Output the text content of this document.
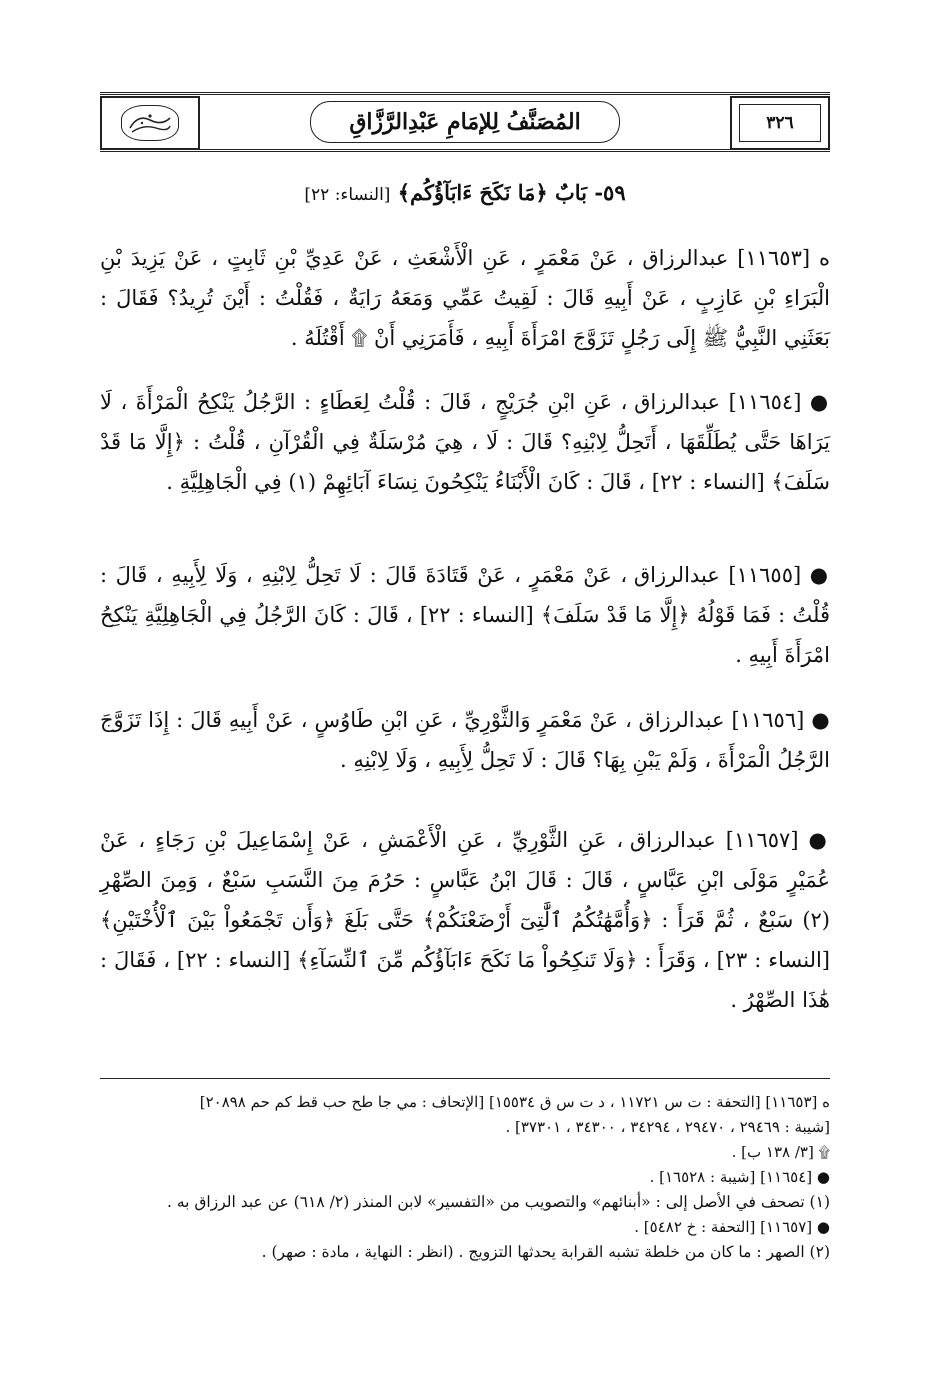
٣٢٦
المُصَنَّفُ لِلإمَامِ عَبْدِالرَّزَّاقِ
٥٩- بَابٌ ﴿مَا نَكَحَ ءَابَآؤُكُم﴾ [النساء: ٢٢]

ه [١١٦٥٣] عبدالرزاق ، عَنْ مَعْمَرٍ ، عَنِ الْأَشْعَثِ ، عَنْ عَدِيِّ بْنِ ثَابِتٍ ، عَنْ يَزِيدَ بْنِ الْبَرَاءِ بْنِ عَازِبٍ ، عَنْ أَبِيهِ قَالَ : لَقِيتُ عَمِّي وَمَعَهُ رَايَةٌ ، فَقُلْتُ : أَيْنَ تُرِيدُ؟ فَقَالَ : بَعَثَنِي النَّبِيُّ ﷺ إِلَى رَجُلٍ تَزَوَّجَ امْرَأَةَ أَبِيهِ ، فَأَمَرَنِي أَنْ ۩ أَقْتُلَهُ .

● [١١٦٥٤] عبدالرزاق ، عَنِ ابْنِ جُرَيْجٍ ، قَالَ : قُلْتُ لِعَطَاءٍ : الرَّجُلُ يَنْكِحُ الْمَرْأَةَ ، لَا يَرَاهَا حَتَّى يُطَلِّقَهَا ، أَتَحِلُّ لِابْنِهِ؟ قَالَ : لَا ، هِيَ مُرْسَلَةٌ فِي الْقُرْآنِ ، قُلْتُ : ﴿إِلَّا مَا قَدْ سَلَفَ﴾ [النساء : ٢٢] ، قَالَ : كَانَ الْأَبْنَاءُ يَنْكِحُونَ نِسَاءَ آبَائِهِمْ (١) فِي الْجَاهِلِيَّةِ .

● [١١٦٥٥] عبدالرزاق ، عَنْ مَعْمَرٍ ، عَنْ قَتَادَةَ قَالَ : لَا تَحِلُّ لِابْنِهِ ، وَلَا لِأَبِيهِ ، قَالَ : قُلْتُ : فَمَا قَوْلُهُ ﴿إِلَّا مَا قَدْ سَلَفَ﴾ [النساء : ٢٢] ، قَالَ : كَانَ الرَّجُلُ فِي الْجَاهِلِيَّةِ يَنْكِحُ امْرَأَةَ أَبِيهِ .

● [١١٦٥٦] عبدالرزاق ، عَنْ مَعْمَرٍ وَالثَّوْرِيِّ ، عَنِ ابْنِ طَاوُسٍ ، عَنْ أَبِيهِ قَالَ : إِذَا تَزَوَّجَ الرَّجُلُ الْمَرْأَةَ ، وَلَمْ يَبْنِ بِهَا؟ قَالَ : لَا تَحِلُّ لِأَبِيهِ ، وَلَا لِابْنِهِ .

● [١١٦٥٧] عبدالرزاق ، عَنِ الثَّوْرِيِّ ، عَنِ الْأَعْمَشِ ، عَنْ إِسْمَاعِيلَ بْنِ رَجَاءٍ ، عَنْ عُمَيْرٍ مَوْلَى ابْنِ عَبَّاسٍ ، قَالَ : قَالَ ابْنُ عَبَّاسٍ : حَرُمَ مِنَ النَّسَبِ سَبْعٌ ، وَمِنَ الصِّهْرِ (٢) سَبْعٌ ، ثُمَّ قَرَأَ : ﴿وَأُمَّهَٰتُكُمُ ٱلَّٰتِىٓ أَرْضَعْنَكُمْ﴾ حَتَّى بَلَغَ ﴿وَأَن تَجْمَعُواْ بَيْنَ ٱلْأُخْتَيْنِ﴾ [النساء : ٢٣] ، وَقَرَأَ : ﴿وَلَا تَنكِحُواْ مَا نَكَحَ ءَابَآؤُكُم مِّنَ ٱلنِّسَآءِ﴾ [النساء : ٢٢] ، فَقَالَ : هَٰذَا الصِّهْرُ .

ه [١١٦٥٣] [التحفة : ت س ١١٧٢١ ، د ت س ق ١٥٥٣٤] [الإتحاف : مي جا طح حب قط كم حم ٢٠٨٩٨]

[شيبة : ٢٩٤٦٩ ، ٢٩٤٧٠ ، ٣٤٢٩٤ ، ٣٤٣٠٠ ، ٣٧٣٠١] .

۩ [٣/ ١٣٨ ب] .

● [١١٦٥٤] [شيبة : ١٦٥٢٨] .

(١) تصحف في الأصل إلى : «أبنائهم» والتصويب من «التفسير» لابن المنذر (٢/ ٦١٨) عن عبد الرزاق به .

● [١١٦٥٧] [التحفة : خ ٥٤٨٢] .

(٢) الصهر : ما كان من خلطة تشبه القرابة يحدثها التزويج . (انظر : النهاية ، مادة : صهر) .
